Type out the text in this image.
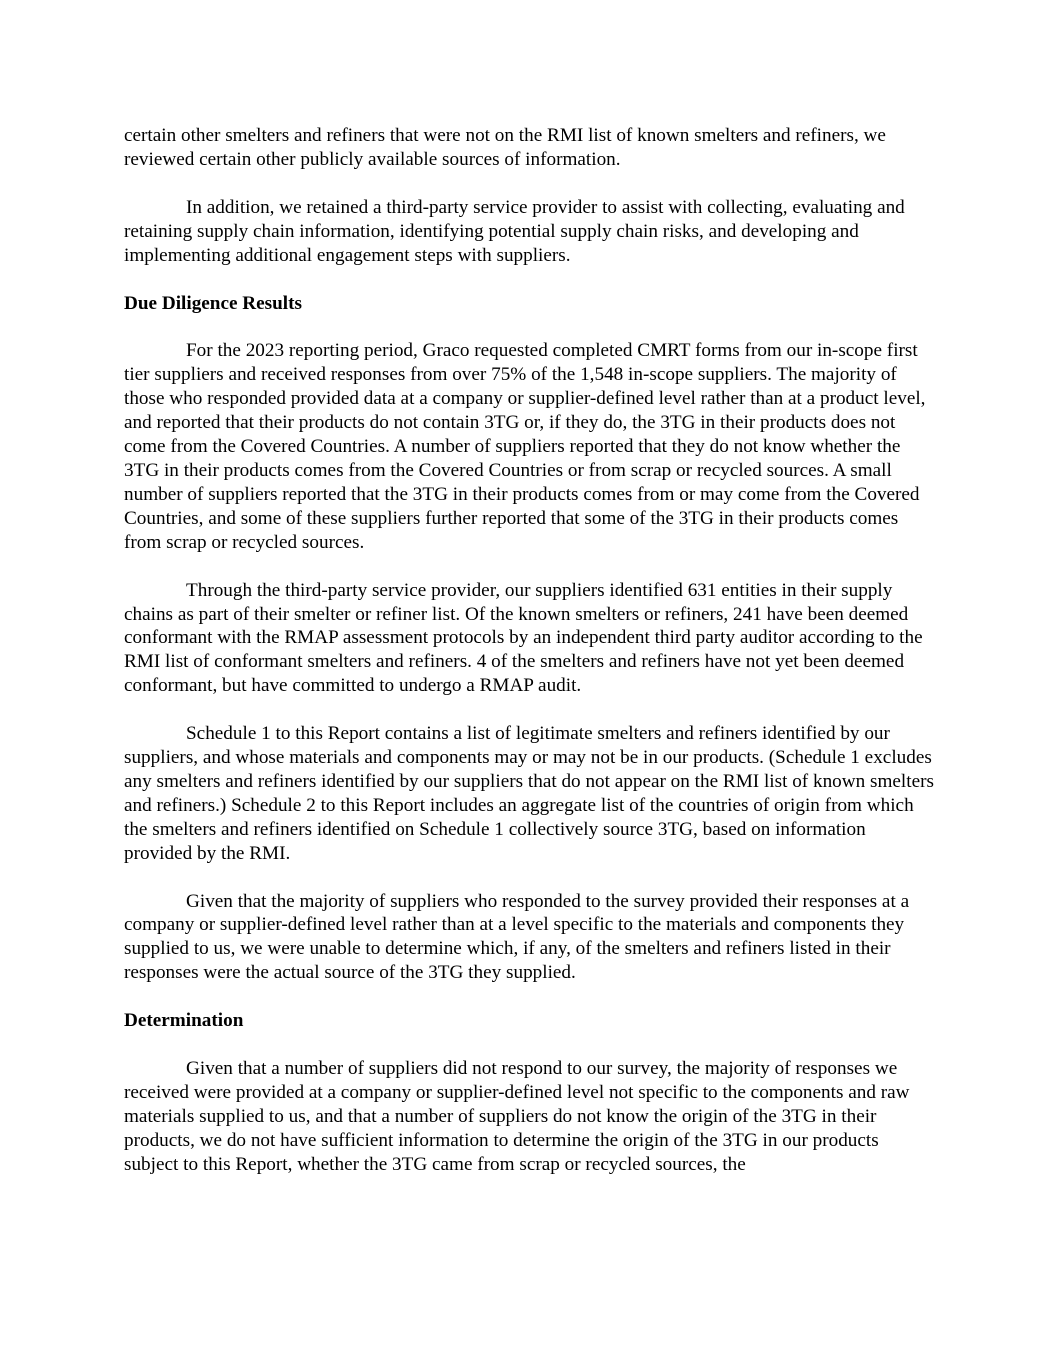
certain other smelters and refiners that were not on the RMI list of known smelters and refiners, we reviewed certain other publicly available sources of information.

In addition, we retained a third-party service provider to assist with collecting, evaluating and retaining supply chain information, identifying potential supply chain risks, and developing and implementing additional engagement steps with suppliers.

Due Diligence Results

For the 2023 reporting period, Graco requested completed CMRT forms from our in-scope first tier suppliers and received responses from over 75% of the 1,548 in-scope suppliers. The majority of those who responded provided data at a company or supplier-defined level rather than at a product level, and reported that their products do not contain 3TG or, if they do, the 3TG in their products does not come from the Covered Countries. A number of suppliers reported that they do not know whether the 3TG in their products comes from the Covered Countries or from scrap or recycled sources. A small number of suppliers reported that the 3TG in their products comes from or may come from the Covered Countries, and some of these suppliers further reported that some of the 3TG in their products comes from scrap or recycled sources.

Through the third-party service provider, our suppliers identified 631 entities in their supply chains as part of their smelter or refiner list. Of the known smelters or refiners, 241 have been deemed conformant with the RMAP assessment protocols by an independent third party auditor according to the RMI list of conformant smelters and refiners. 4 of the smelters and refiners have not yet been deemed conformant, but have committed to undergo a RMAP audit.

Schedule 1 to this Report contains a list of legitimate smelters and refiners identified by our suppliers, and whose materials and components may or may not be in our products. (Schedule 1 excludes any smelters and refiners identified by our suppliers that do not appear on the RMI list of known smelters and refiners.) Schedule 2 to this Report includes an aggregate list of the countries of origin from which the smelters and refiners identified on Schedule 1 collectively source 3TG, based on information provided by the RMI.

Given that the majority of suppliers who responded to the survey provided their responses at a company or supplier-defined level rather than at a level specific to the materials and components they supplied to us, we were unable to determine which, if any, of the smelters and refiners listed in their responses were the actual source of the 3TG they supplied.

Determination

Given that a number of suppliers did not respond to our survey, the majority of responses we received were provided at a company or supplier-defined level not specific to the components and raw materials supplied to us, and that a number of suppliers do not know the origin of the 3TG in their products, we do not have sufficient information to determine the origin of the 3TG in our products subject to this Report, whether the 3TG came from scrap or recycled sources, the
